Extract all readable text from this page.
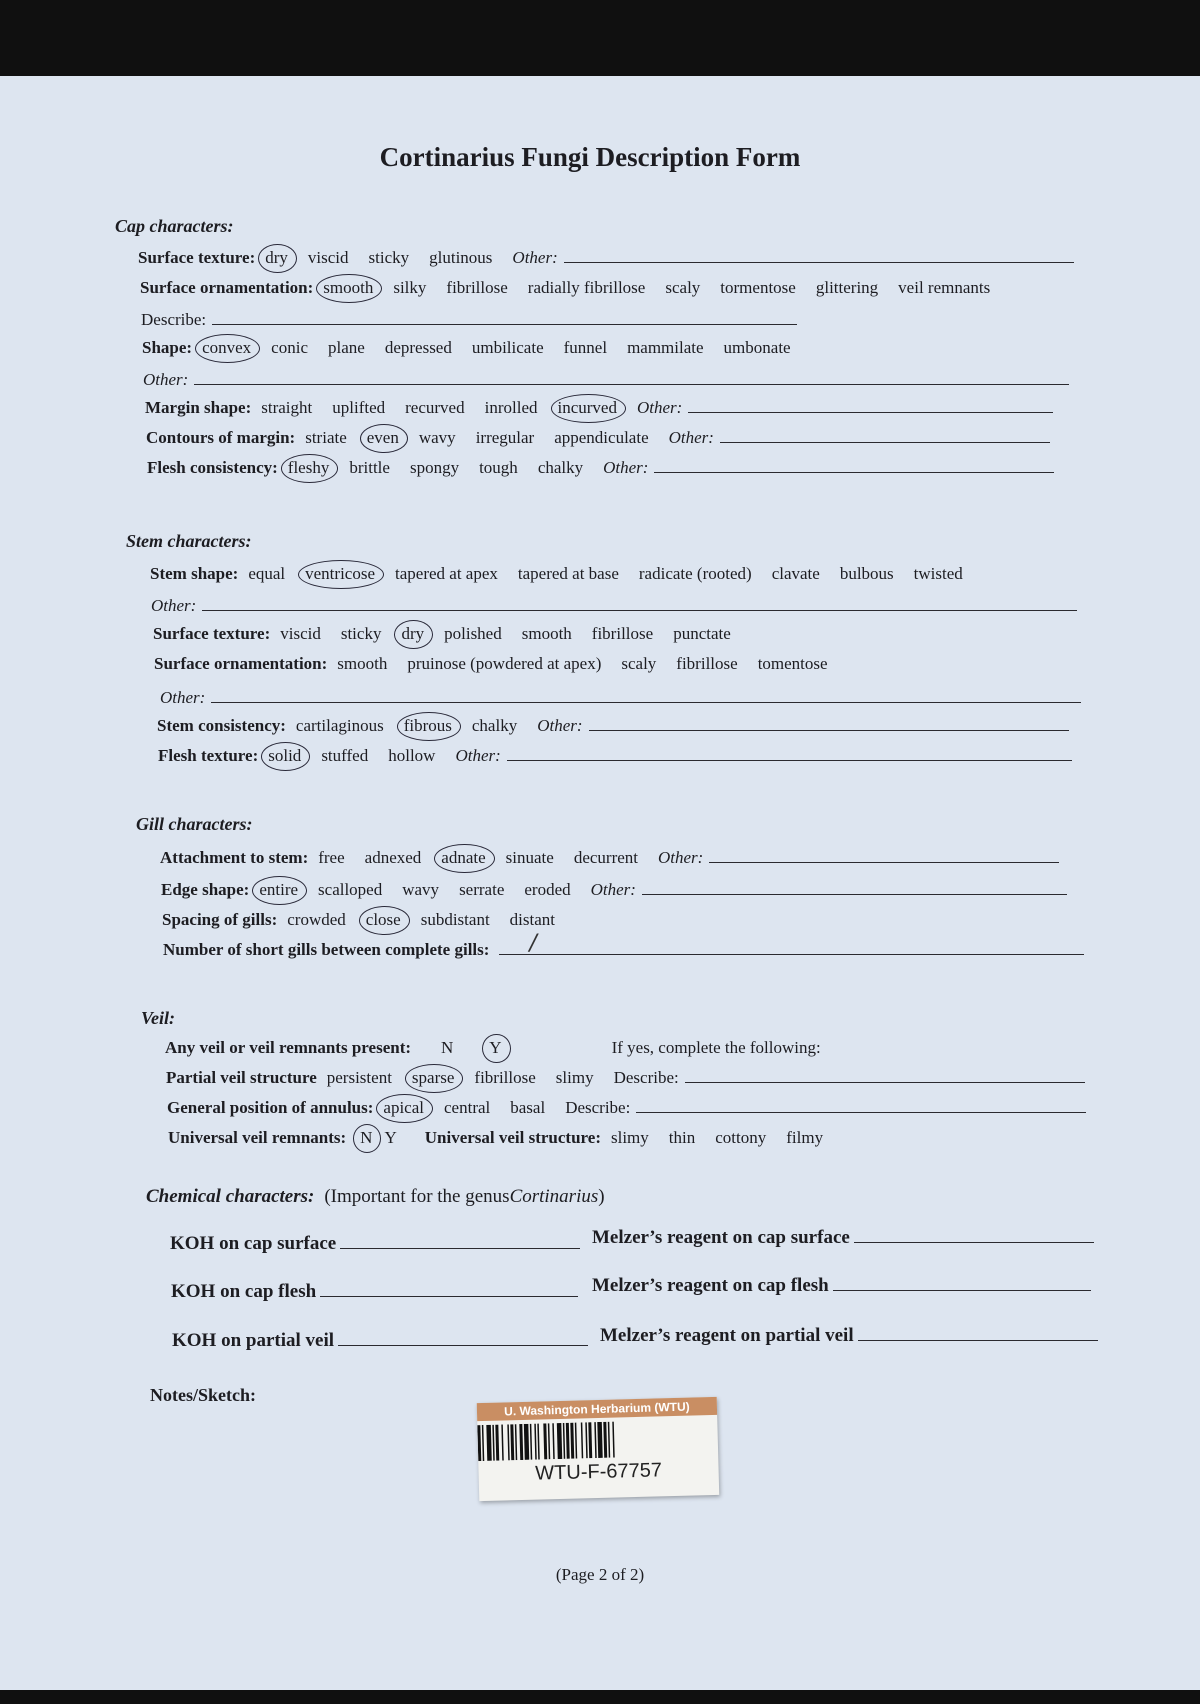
Cortinarius Fungi Description Form
Cap characters:
Surface texture: dry viscid sticky glutinous Other:
Surface ornamentation: smooth silky fibrillose radially fibrillose scaly tormentose glittering veil remnants
Describe:
Shape: convex conic plane depressed umbilicate funnel mammilate umbonate
Other:
Margin shape: straight uplifted recurved inrolled incurved Other:
Contours of margin: striate even wavy irregular appendiculate Other:
Flesh consistency: fleshy brittle spongy tough chalky Other:
Stem characters:
Stem shape: equal ventricose tapered at apex tapered at base radicate (rooted) clavate bulbous twisted
Other:
Surface texture: viscid sticky dry polished smooth fibrillose punctate
Surface ornamentation: smooth pruinose (powdered at apex) scaly fibrillose tomentose
Other:
Stem consistency: cartilaginous fibrous chalky Other:
Flesh texture: solid stuffed hollow Other:
Gill characters:
Attachment to stem: free adnexed adnate sinuate decurrent Other:
Edge shape: entire scalloped wavy serrate eroded Other:
Spacing of gills: crowded close subdistant distant
Number of short gills between complete gills: /
Veil:
Any veil or veil remnants present: N Y	If yes, complete the following:
Partial veil structure persistent sparse fibrillose slimy Describe:
General position of annulus: apical central basal Describe:
Universal veil remnants: N Y Universal veil structure: slimy thin cottony filmy
Chemical characters: (Important for the genus Cortinarius )
KOH on cap surface	Melzer’s reagent on cap surface
KOH on cap flesh	Melzer’s reagent on cap flesh
KOH on partial veil	Melzer’s reagent on partial veil
Notes/Sketch:
U. Washington Herbarium (WTU)
WTU-F-67757
(Page 2 of 2)
